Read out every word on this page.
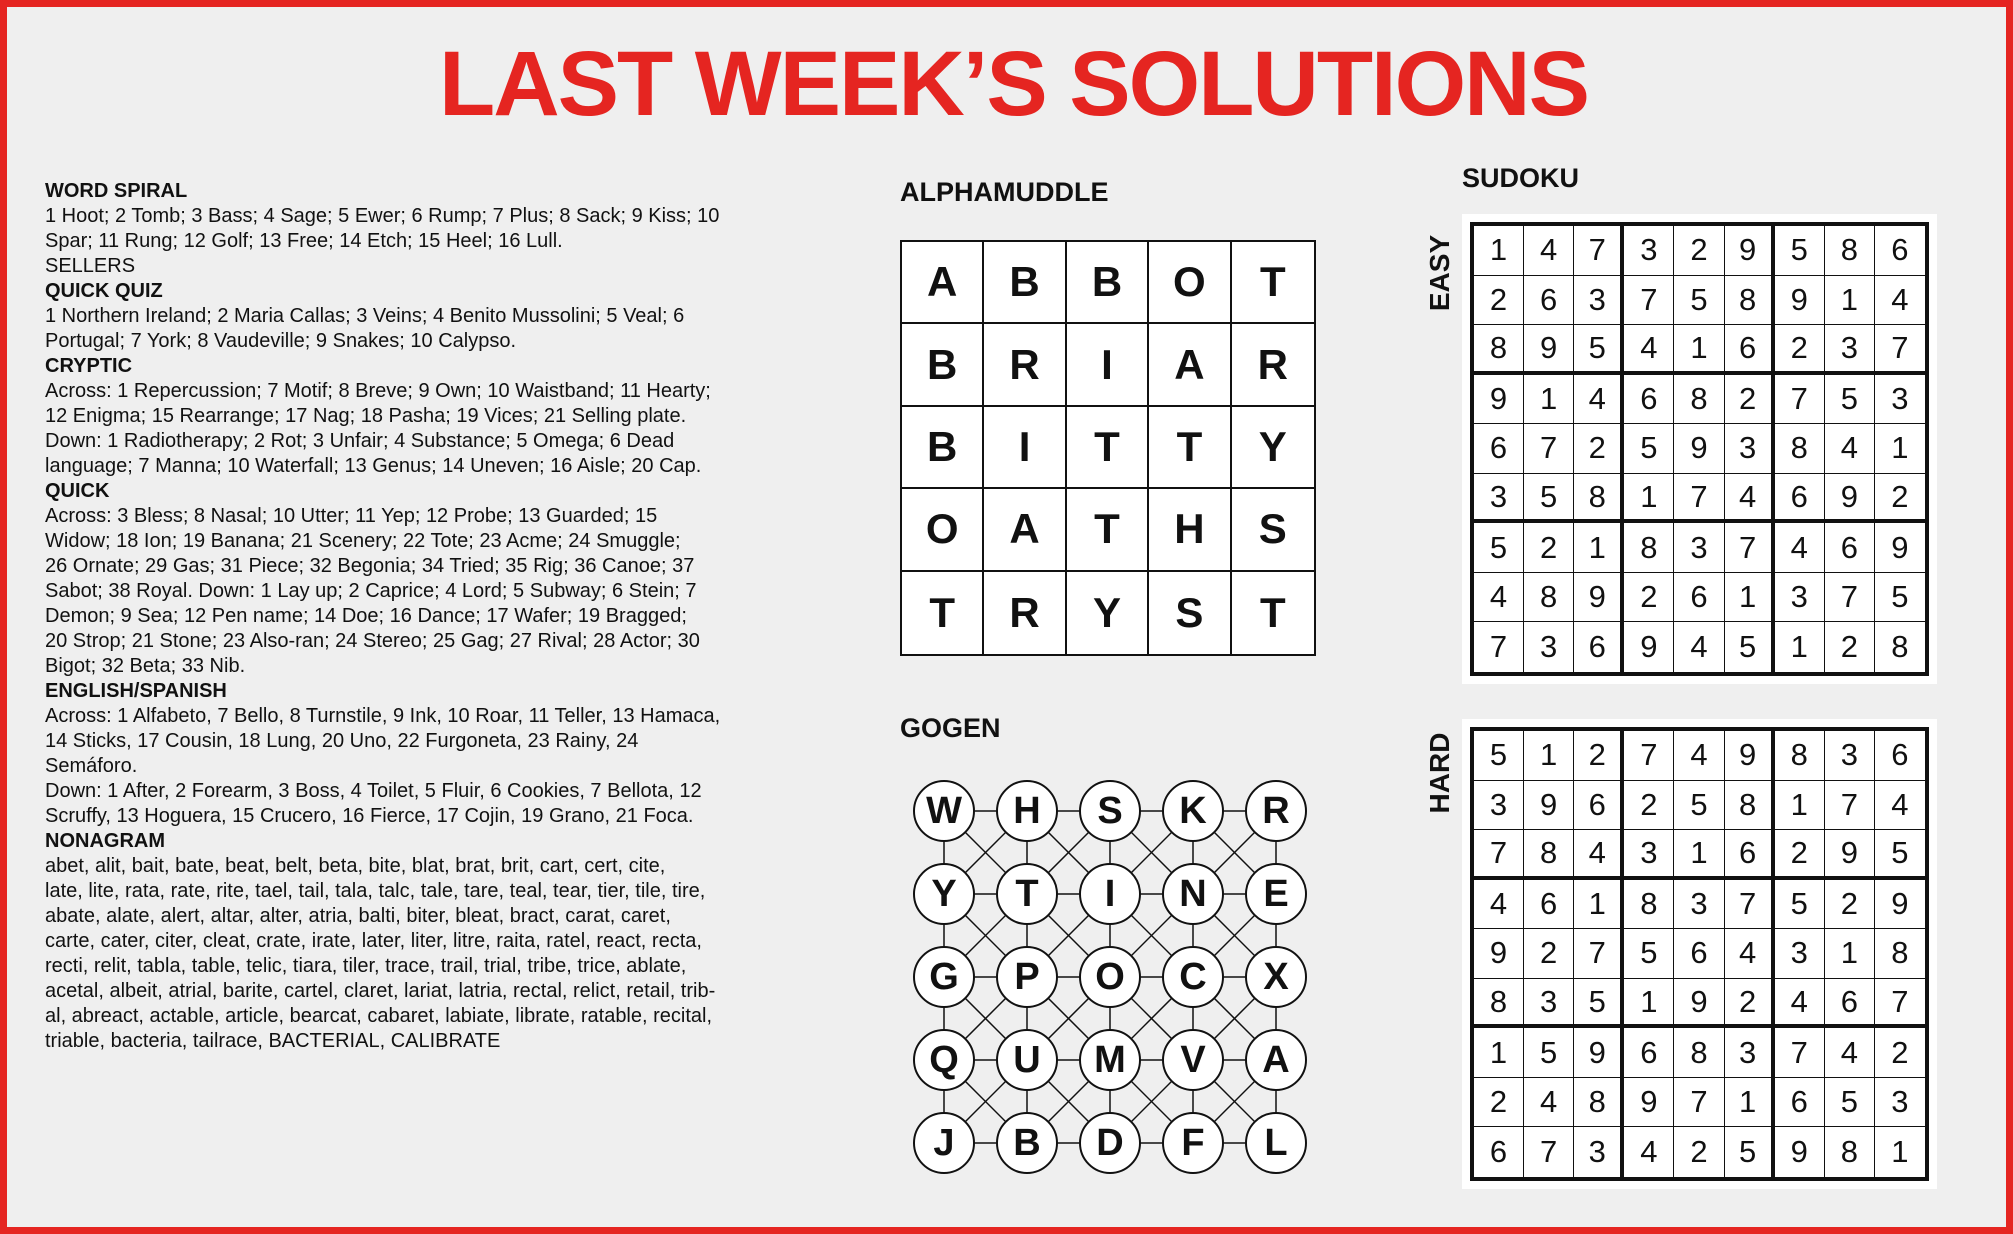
LAST WEEK’S SOLUTIONS
WORD SPIRAL
1 Hoot; 2 Tomb; 3 Bass; 4 Sage; 5 Ewer; 6 Rump; 7 Plus; 8 Sack; 9 Kiss; 10
Spar; 11 Rung; 12 Golf; 13 Free; 14 Etch; 15 Heel; 16 Lull.
SELLERS
QUICK QUIZ
1 Northern Ireland; 2 Maria Callas; 3 Veins; 4 Benito Mussolini; 5 Veal; 6
Portugal; 7 York; 8 Vaudeville; 9 Snakes; 10 Calypso.
CRYPTIC
Across: 1 Repercussion; 7 Motif; 8 Breve; 9 Own; 10 Waistband; 11 Hearty;
12 Enigma; 15 Rearrange; 17 Nag; 18 Pasha; 19 Vices; 21 Selling plate.
Down: 1 Radiotherapy; 2 Rot; 3 Unfair; 4 Substance; 5 Omega; 6 Dead
language; 7 Manna; 10 Waterfall; 13 Genus; 14 Uneven; 16 Aisle; 20 Cap.
QUICK
Across: 3 Bless; 8 Nasal; 10 Utter; 11 Yep; 12 Probe; 13 Guarded; 15
Widow; 18 Ion; 19 Banana; 21 Scenery; 22 Tote; 23 Acme; 24 Smuggle;
26 Ornate; 29 Gas; 31 Piece; 32 Begonia; 34 Tried; 35 Rig; 36 Canoe; 37
Sabot; 38 Royal. Down: 1 Lay up; 2 Caprice; 4 Lord; 5 Subway; 6 Stein; 7
Demon; 9 Sea; 12 Pen name; 14 Doe; 16 Dance; 17 Wafer; 19 Bragged;
20 Strop; 21 Stone; 23 Also-ran; 24 Stereo; 25 Gag; 27 Rival; 28 Actor; 30
Bigot; 32 Beta; 33 Nib.
ENGLISH/SPANISH
Across: 1 Alfabeto, 7 Bello, 8 Turnstile, 9 Ink, 10 Roar, 11 Teller, 13 Hamaca,
14 Sticks, 17 Cousin, 18 Lung, 20 Uno, 22 Furgoneta, 23 Rainy, 24
Semáforo.
Down: 1 After, 2 Forearm, 3 Boss, 4 Toilet, 5 Fluir, 6 Cookies, 7 Bellota, 12
Scruffy, 13 Hoguera, 15 Crucero, 16 Fierce, 17 Cojin, 19 Grano, 21 Foca.
NONAGRAM
abet, alit, bait, bate, beat, belt, beta, bite, blat, brat, brit, cart, cert, cite,
late, lite, rata, rate, rite, tael, tail, tala, talc, tale, tare, teal, tear, tier, tile, tire,
abate, alate, alert, altar, alter, atria, balti, biter, bleat, bract, carat, caret,
carte, cater, citer, cleat, crate, irate, later, liter, litre, raita, ratel, react, recta,
recti, relit, tabla, table, telic, tiara, tiler, trace, trail, trial, tribe, trice, ablate,
acetal, albeit, atrial, barite, cartel, claret, lariat, latria, rectal, relict, retail, trib-
al, abreact, actable, article, bearcat, cabaret, labiate, librate, ratable, recital,
triable, bacteria, tailrace, BACTERIAL, CALIBRATE
ALPHAMUDDLE
A	B	B	O	T
B	R	I	A	R
B	I	T	T	Y
O	A	T	H	S
T	R	Y	S	T
GOGEN
W	H	S	K	R
Y	T	I	N	E
G	P	O	C	X
Q	U	M	V	A
J	B	D	F	L
SUDOKU
EASY
HARD
1	4	7	3	2	9	5	8	6
2	6	3	7	5	8	9	1	4
8	9	5	4	1	6	2	3	7
9	1	4	6	8	2	7	5	3
6	7	2	5	9	3	8	4	1
3	5	8	1	7	4	6	9	2
5	2	1	8	3	7	4	6	9
4	8	9	2	6	1	3	7	5
7	3	6	9	4	5	1	2	8
5	1	2	7	4	9	8	3	6
3	9	6	2	5	8	1	7	4
7	8	4	3	1	6	2	9	5
4	6	1	8	3	7	5	2	9
9	2	7	5	6	4	3	1	8
8	3	5	1	9	2	4	6	7
1	5	9	6	8	3	7	4	2
2	4	8	9	7	1	6	5	3
6	7	3	4	2	5	9	8	1
